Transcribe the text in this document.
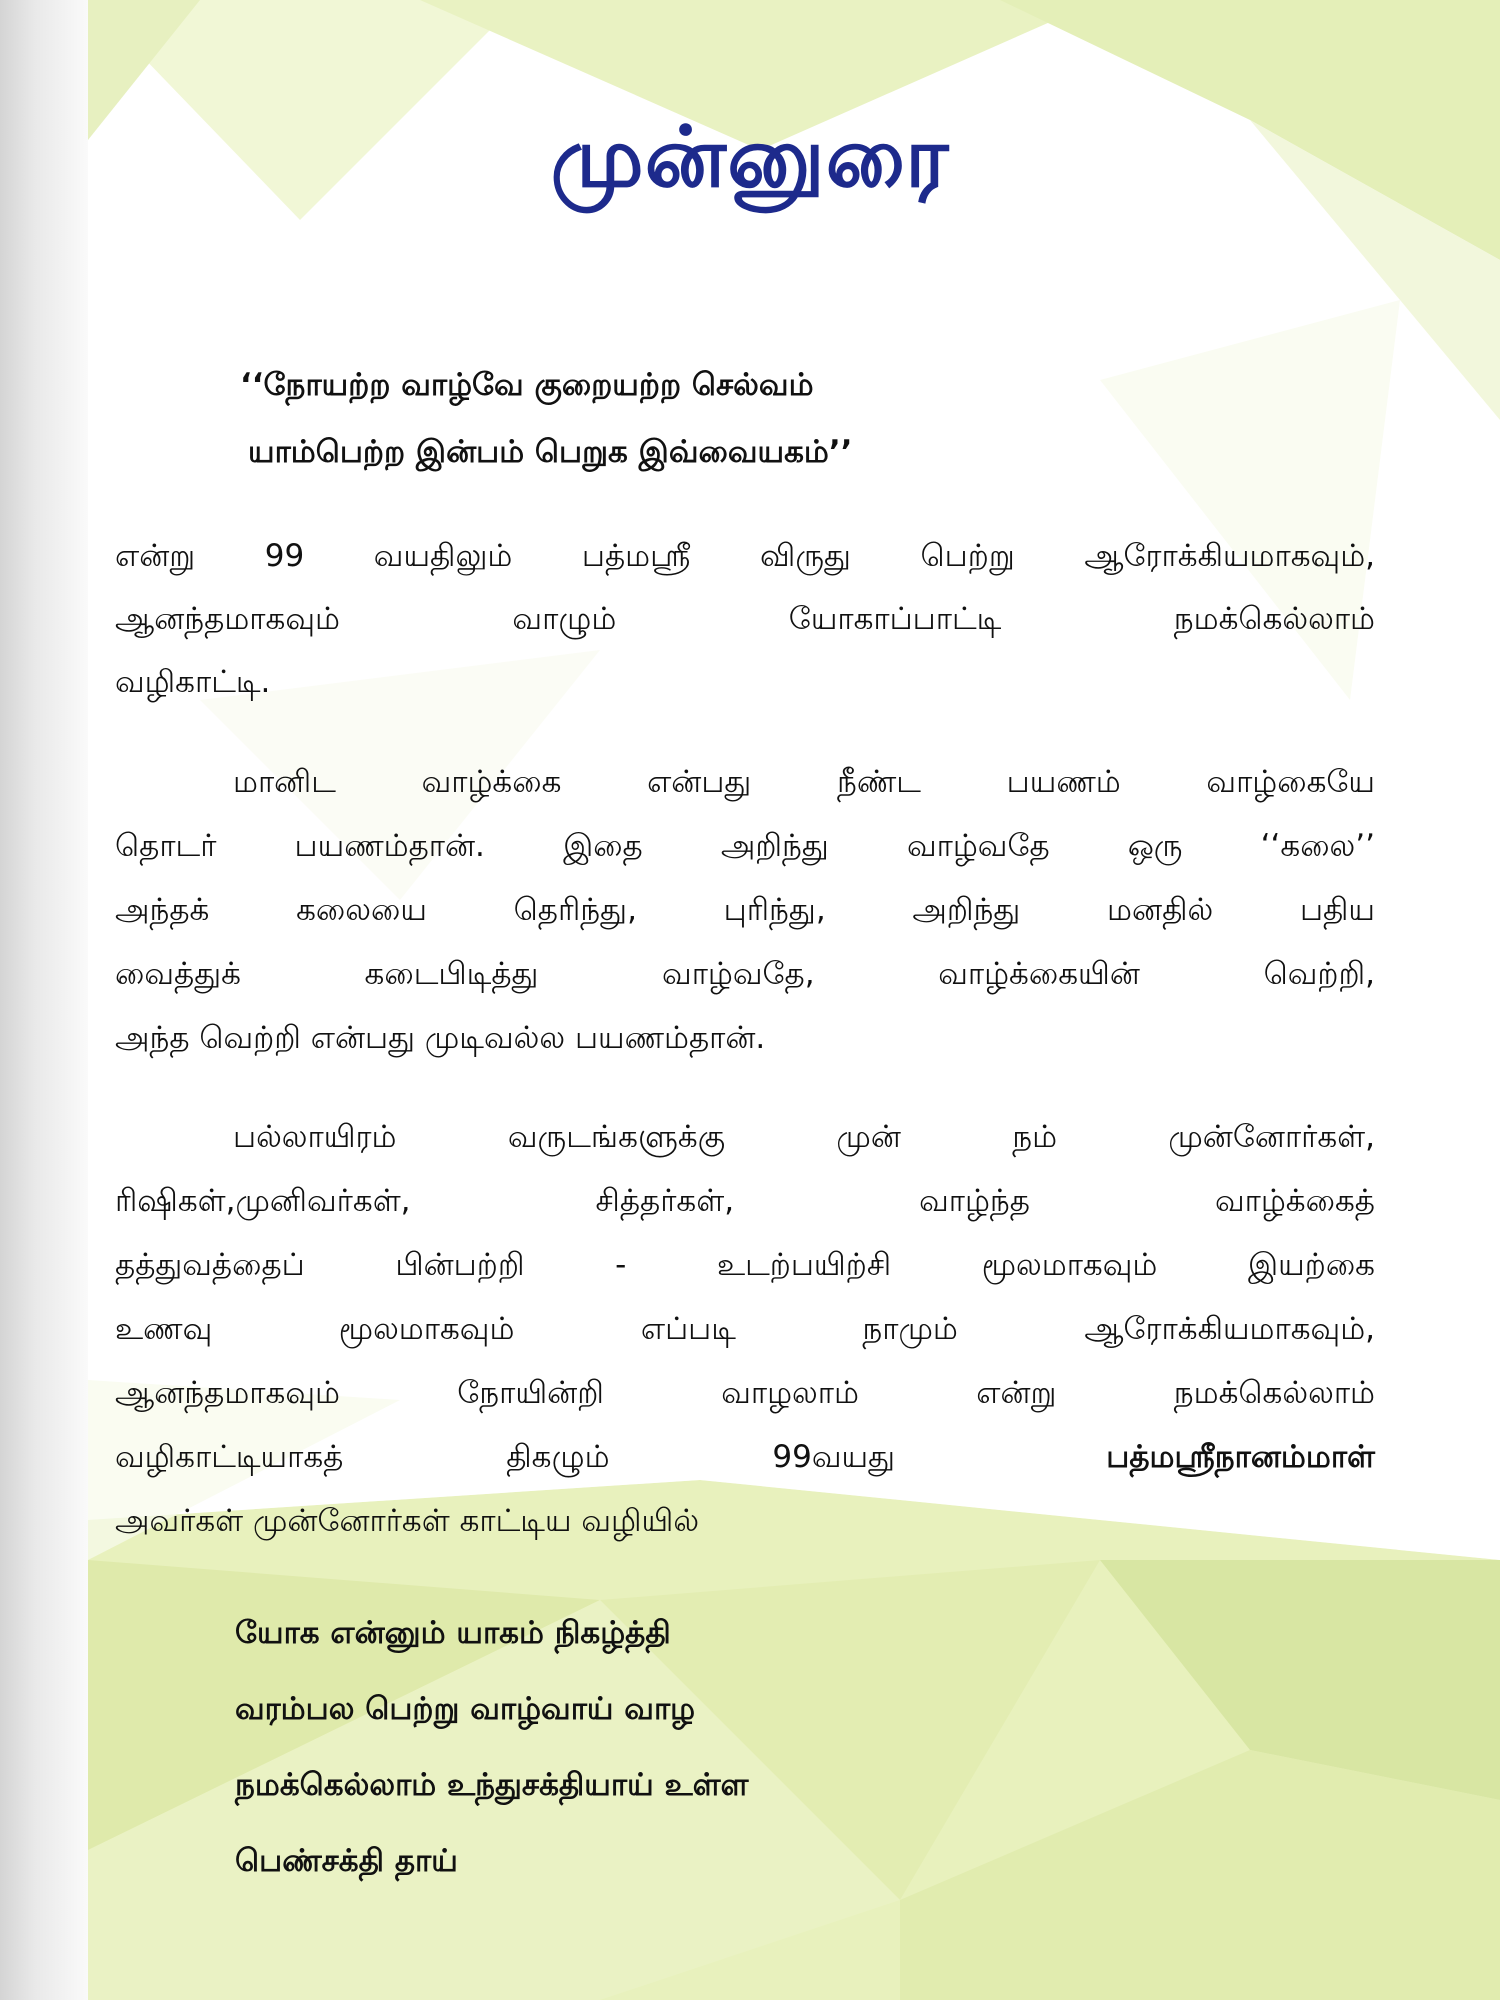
முன்னுரை
‘‘நோயற்ற வாழ்வே குறையற்ற செல்வம்
யாம்பெற்ற இன்பம் பெறுக இவ்வையகம்’’
என்று 99 வயதிலும் பத்மஸ்ரீ விருது பெற்று ஆரோக்கியமாகவும்,
ஆனந்தமாகவும் வாழும் யோகாப்பாட்டி நமக்கெல்லாம்
வழிகாட்டி.
மானிட வாழ்க்கை என்பது நீண்ட பயணம் வாழ்கையே
தொடர் பயணம்தான். இதை அறிந்து வாழ்வதே ஒரு ‘‘கலை’’
அந்தக் கலையை தெரிந்து, புரிந்து, அறிந்து மனதில் பதிய
வைத்துக் கடைபிடித்து வாழ்வதே, வாழ்க்கையின் வெற்றி,
அந்த வெற்றி என்பது முடிவல்ல பயணம்தான்.
பல்லாயிரம் வருடங்களுக்கு முன் நம் முன்னோர்கள்,
ரிஷிகள்,முனிவர்கள், சித்தர்கள், வாழ்ந்த வாழ்க்கைத்
தத்துவத்தைப் பின்பற்றி - உடற்பயிற்சி மூலமாகவும் இயற்கை
உணவு மூலமாகவும் எப்படி நாமும் ஆரோக்கியமாகவும்,
ஆனந்தமாகவும் நோயின்றி வாழலாம் என்று நமக்கெல்லாம்
வழிகாட்டியாகத் திகழும் 99வயது	பத்மஸ்ரீநானம்மாள்
அவர்கள் முன்னோர்கள் காட்டிய வழியில்
யோக என்னும் யாகம் நிகழ்த்தி
வரம்பல பெற்று வாழ்வாய் வாழ
நமக்கெல்லாம் உந்துசக்தியாய் உள்ள
பெண்சக்தி தாய்
